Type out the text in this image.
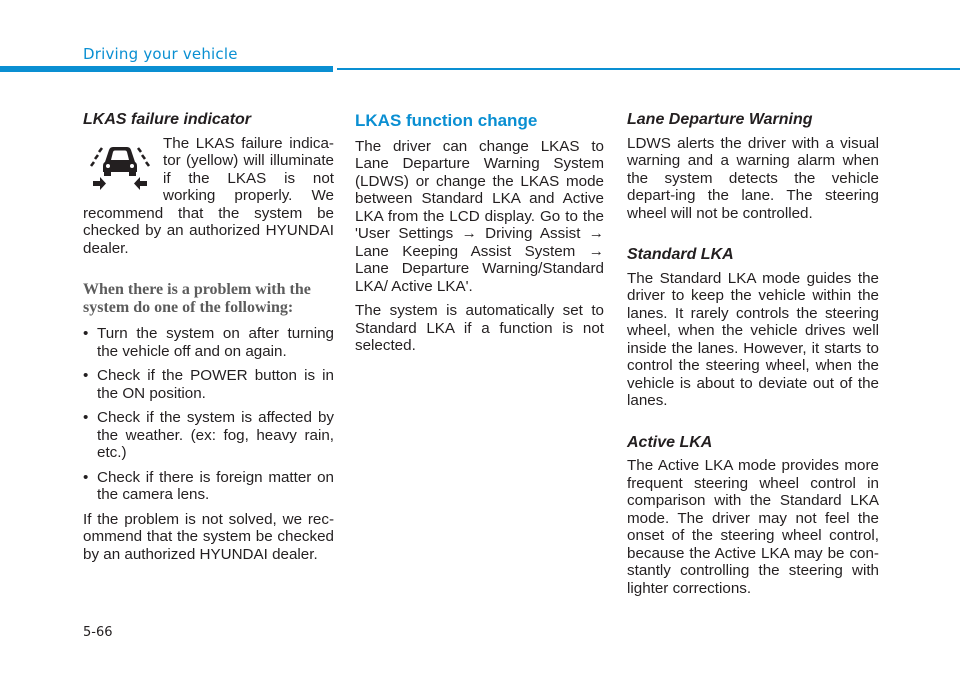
Driving your vehicle
LKAS failure indicator

The LKAS failure indica-tor (yellow) will illuminate if the LKAS is not working properly. We recommend that the system be checked by an authorized HYUNDAI dealer.

When there is a problem with the system do one of the following:
• Turn the system on after turning the vehicle off and on again.
• Check if the POWER button is in the ON position.
• Check if the system is affected by the weather. (ex: fog, heavy rain, etc.)
• Check if there is foreign matter on the camera lens.

If the problem is not solved, we rec-ommend that the system be checked by an authorized HYUNDAI dealer.

LKAS function change

The driver can change LKAS to Lane Departure Warning System (LDWS) or change the LKAS mode between Standard LKA and Active LKA from the LCD display. Go to the 'User Settings → Driving Assist → Lane Keeping Assist System → Lane Departure Warning/Standard LKA/ Active LKA'.

The system is automatically set to Standard LKA if a function is not selected.

Lane Departure Warning

LDWS alerts the driver with a visual warning and a warning alarm when the system detects the vehicle depart-ing the lane. The steering wheel will not be controlled.

Standard LKA

The Standard LKA mode guides the driver to keep the vehicle within the lanes. It rarely controls the steering wheel, when the vehicle drives well inside the lanes. However, it starts to control the steering wheel, when the vehicle is about to deviate out of the lanes.

Active LKA

The Active LKA mode provides more frequent steering wheel control in comparison with the Standard LKA mode. The driver may not feel the onset of the steering wheel control, because the Active LKA may be con-stantly controlling the steering with lighter corrections.

5-66
